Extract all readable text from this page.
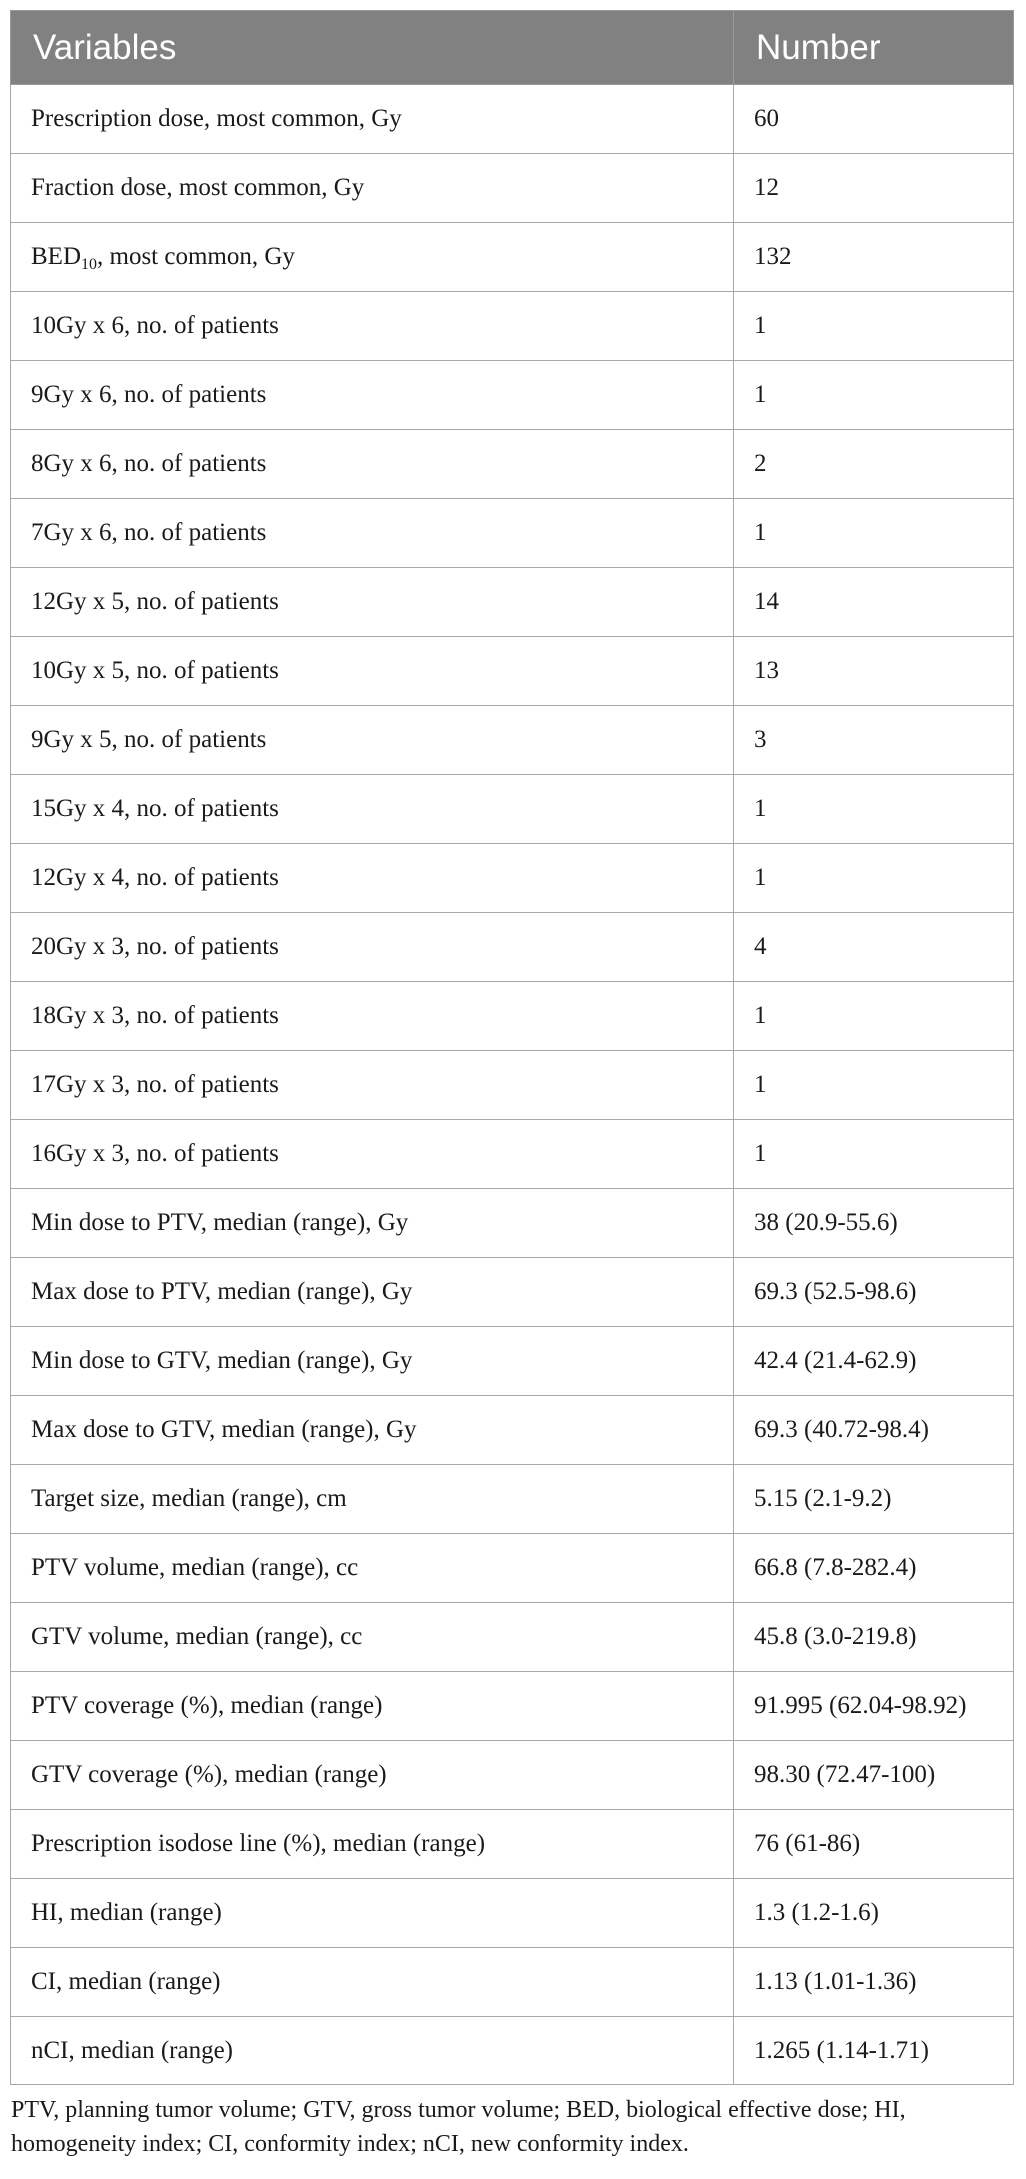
Variables	Number
Prescription dose, most common, Gy	60
Fraction dose, most common, Gy	12
$BED_{10}$, most common, Gy	132
10Gy x 6, no. of patients	1
9Gy x 6, no. of patients	1
8Gy x 6, no. of patients	2
7Gy x 6, no. of patients	1
12Gy x 5, no. of patients	14
10Gy x 5, no. of patients	13
9Gy x 5, no. of patients	3
15Gy x 4, no. of patients	1
12Gy x 4, no. of patients	1
20Gy x 3, no. of patients	4
18Gy x 3, no. of patients	1
17Gy x 3, no. of patients	1
16Gy x 3, no. of patients	1
Min dose to PTV, median (range), Gy	38 (20.9-55.6)
Max dose to PTV, median (range), Gy	69.3 (52.5-98.6)
Min dose to GTV, median (range), Gy	42.4 (21.4-62.9)
Max dose to GTV, median (range), Gy	69.3 (40.72-98.4)
Target size, median (range), cm	5.15 (2.1-9.2)
PTV volume, median (range), cc	66.8 (7.8-282.4)
GTV volume, median (range), cc	45.8 (3.0-219.8)
PTV coverage (%), median (range)	91.995 (62.04-98.92)
GTV coverage (%), median (range)	98.30 (72.47-100)
Prescription isodose line (%), median (range)	76 (61-86)
HI, median (range)	1.3 (1.2-1.6)
CI, median (range)	1.13 (1.01-1.36)
nCI, median (range)	1.265 (1.14-1.71)
PTV, planning tumor volume; GTV, gross tumor volume; BED, biological effective dose; HI, homogeneity index; CI, conformity index; nCI, new conformity index.
